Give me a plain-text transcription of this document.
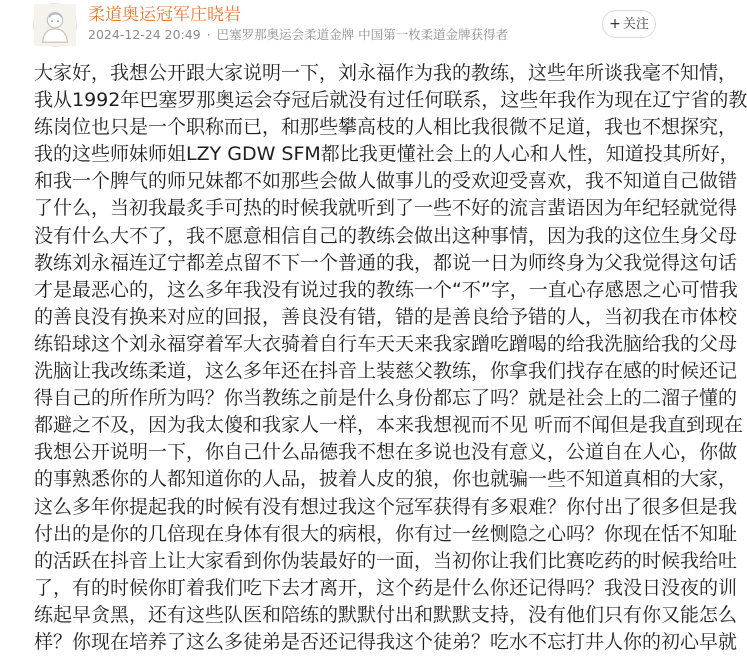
柔道奥运冠军庄晓岩
2024-12-24 20:49 · 巴塞罗那奥运会柔道金牌 中国第一枚柔道金牌获得者
+ 关注
大家好，我想公开跟大家说明一下，刘永福作为我的教练，这些年所谈我毫不知情，
我从1992年巴塞罗那奥运会夺冠后就没有过任何联系，这些年我作为现在辽宁省的教
练岗位也只是一个职称而已，和那些攀高枝的人相比我很微不足道，我也不想探究，
我的这些师妹师姐LZY GDW SFM都比我更懂社会上的人心和人性，知道投其所好，
和我一个脾气的师兄妹都不如那些会做人做事儿的受欢迎受喜欢，我不知道自己做错
了什么，当初我最炙手可热的时候我就听到了一些不好的流言蜚语因为年纪轻就觉得
没有什么大不了，我不愿意相信自己的教练会做出这种事情，因为我的这位生身父母
教练刘永福连辽宁都差点留不下一个普通的我，都说一日为师终身为父我觉得这句话
才是最恶心的，这么多年我没有说过我的教练一个“不”字，一直心存感恩之心可惜我
的善良没有换来对应的回报，善良没有错，错的是善良给予错的人，当初我在市体校
练铅球这个刘永福穿着军大衣骑着自行车天天来我家蹭吃蹭喝的给我洗脑给我的父母
洗脑让我改练柔道，这么多年还在抖音上装慈父教练，你拿我们找存在感的时候还记
得自己的所作所为吗？你当教练之前是什么身份都忘了吗？就是社会上的二溜子懂的
都避之不及，因为我太傻和我家人一样，本来我想视而不见 听而不闻但是我直到现在
我想公开说明一下，你自己什么品德我不想在多说也没有意义，公道自在人心，你做
的事熟悉你的人都知道你的人品，披着人皮的狼，你也就骗一些不知道真相的大家，
这么多年你提起我的时候有没有想过我这个冠军获得有多艰难？你付出了很多但是我
付出的是你的几倍现在身体有很大的病根，你有过一丝恻隐之心吗？你现在恬不知耻
的活跃在抖音上让大家看到你伪装最好的一面，当初你让我们比赛吃药的时候我给吐
了，有的时候你盯着我们吃下去才离开，这个药是什么你还记得吗？我没日没夜的训
练起早贪黑，还有这些队医和陪练的默默付出和默默支持，没有他们只有你又能怎么
样？你现在培养了这么多徒弟是否还记得我这个徒弟？吃水不忘打井人你的初心早就
